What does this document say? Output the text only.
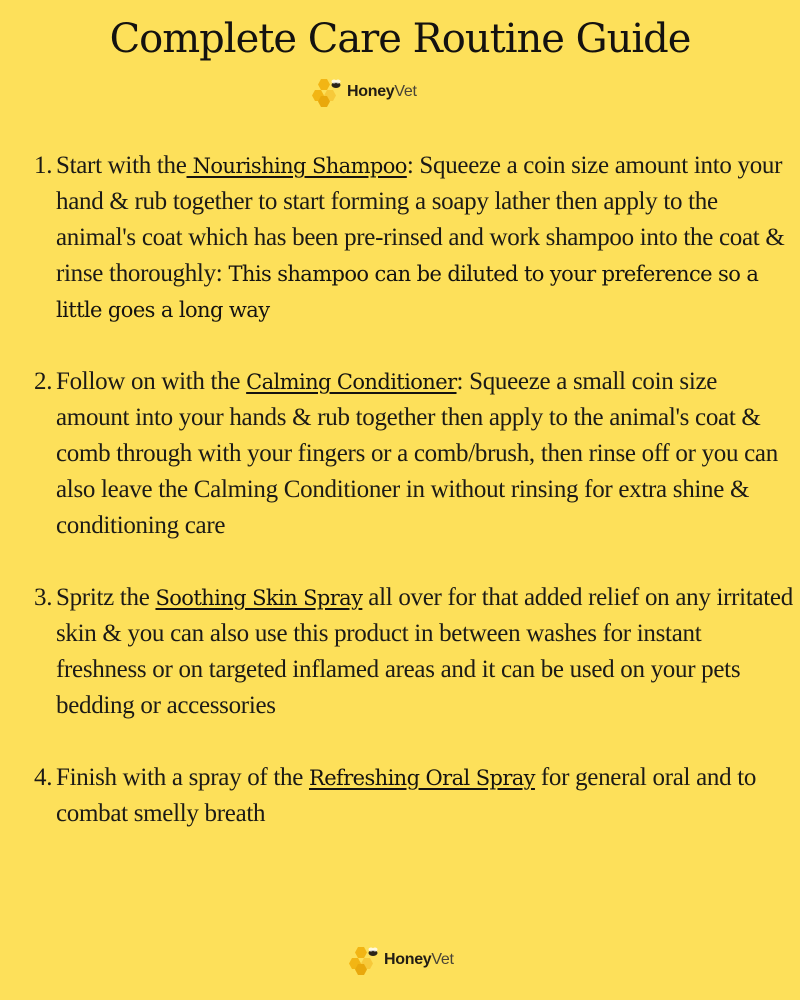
Complete Care Routine Guide
HoneyVet
1. Start with the Nourishing Shampoo: Squeeze a coin size amount into your hand & rub together to start forming a soapy lather then apply to the animal's coat which has been pre-rinsed and work shampoo into the coat & rinse thoroughly: This shampoo can be diluted to your preference so a little goes a long way
2. Follow on with the Calming Conditioner: Squeeze a small coin size amount into your hands & rub together then apply to the animal's coat & comb through with your fingers or a comb/brush, then rinse off or you can also leave the Calming Conditioner in without rinsing for extra shine & conditioning care
3. Spritz the Soothing Skin Spray all over for that added relief on any irritated skin & you can also use this product in between washes for instant freshness or on targeted inflamed areas and it can be used on your pets bedding or accessories
4. Finish with a spray of the Refreshing Oral Spray for general oral and to combat smelly breath
HoneyVet
